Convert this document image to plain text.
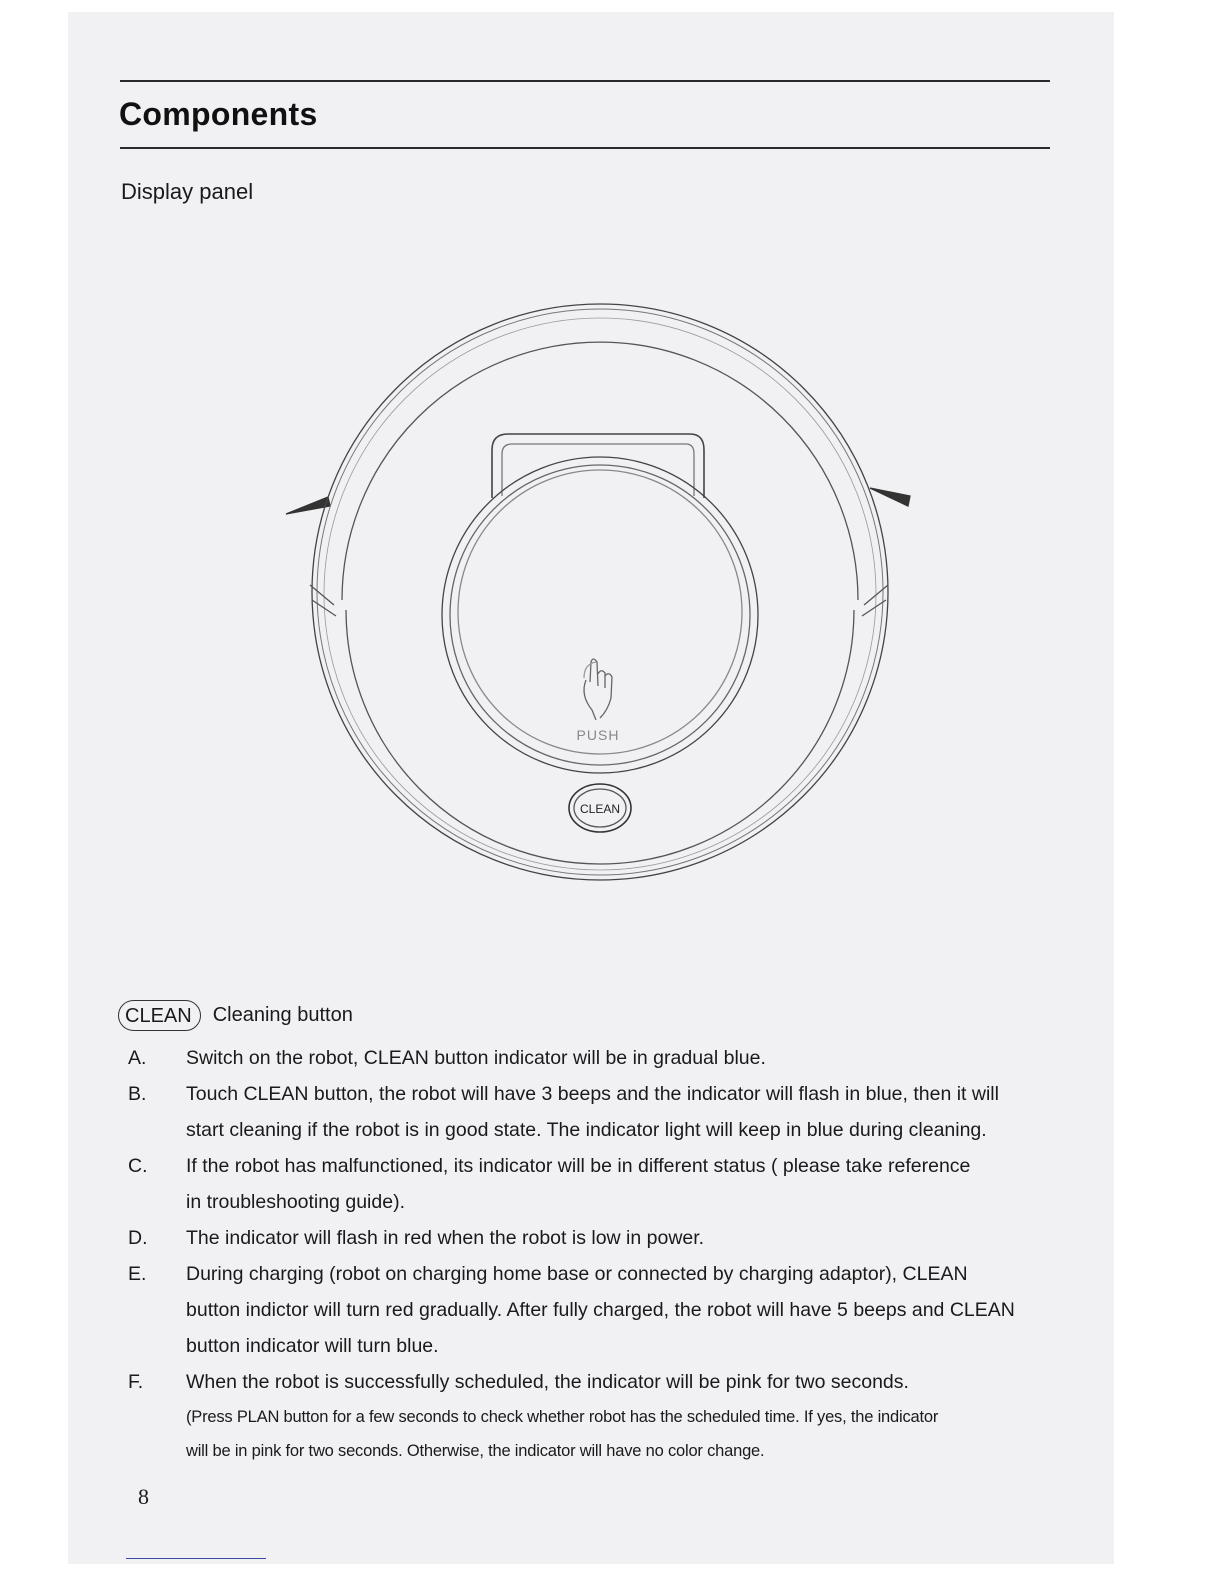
Components
Display panel
PUSH
CLEAN
CLEAN	Cleaning button
A. Switch on the robot, CLEAN button indicator will be in gradual blue.
B. Touch CLEAN button, the robot will have 3 beeps and the indicator will flash in blue, then it will
start cleaning if the robot is in good state. The indicator light will keep in blue during cleaning.
C. If the robot has malfunctioned, its indicator will be in different status ( please take reference
in troubleshooting guide).
D. The indicator will flash in red when the robot is low in power.
E. During charging (robot on charging home base or connected by charging adaptor), CLEAN
button indictor will turn red gradually. After fully charged, the robot will have 5 beeps and CLEAN
button indicator will turn blue.
F. When the robot is successfully scheduled, the indicator will be pink for two seconds.
(Press PLAN button for a few seconds to check whether robot has the scheduled time. If yes, the indicator
will be in pink for two seconds. Otherwise, the indicator will have no color change.
8
